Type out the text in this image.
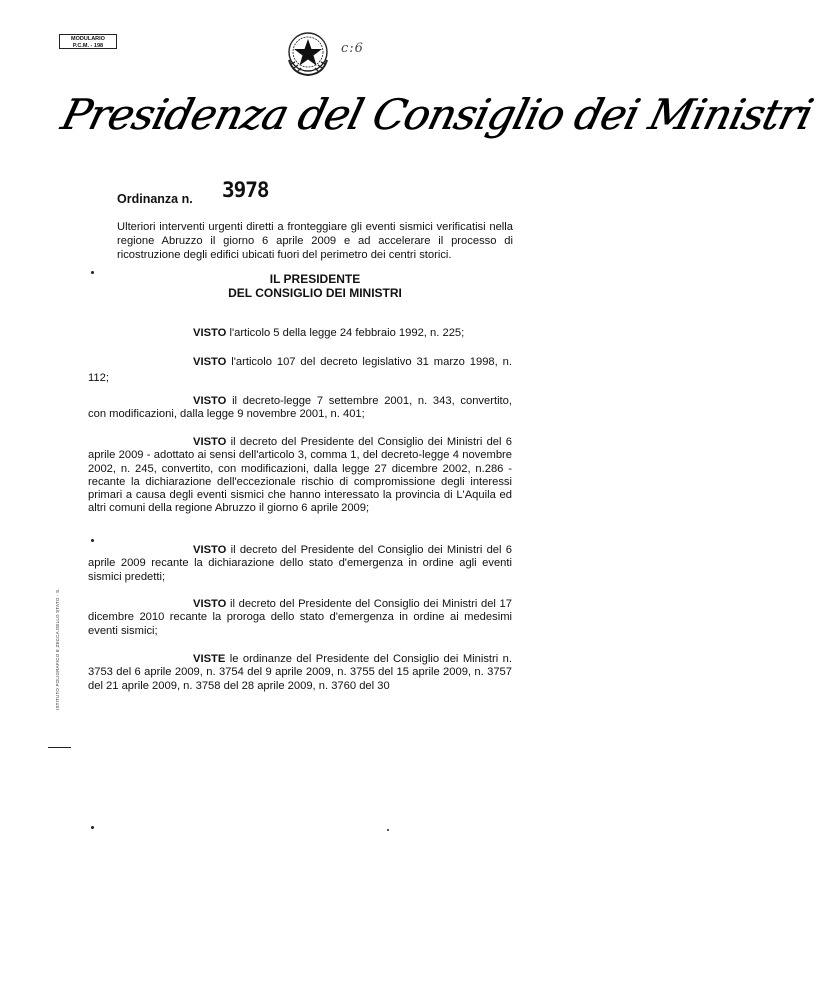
MODULARIO
P.C.M. - 198	c:6
Presidenza del Consiglio dei Ministri
Ordinanza n. 3978
Ulteriori interventi urgenti diretti a fronteggiare gli eventi sismici verificatisi nella regione Abruzzo il giorno 6 aprile 2009 e ad accelerare il processo di ricostruzione degli edifici ubicati fuori del perimetro dei centri storici.
IL PRESIDENTE
DEL CONSIGLIO DEI MINISTRI

VISTO l'articolo 5 della legge 24 febbraio 1992, n. 225;

VISTO l'articolo 107 del decreto legislativo 31 marzo 1998, n. 112;

VISTO il decreto-legge 7 settembre 2001, n. 343, convertito, con modificazioni, dalla legge 9 novembre 2001, n. 401;

VISTO il decreto del Presidente del Consiglio dei Ministri del 6 aprile 2009 - adottato ai sensi dell'articolo 3, comma 1, del decreto-legge 4 novembre 2002, n. 245, convertito, con modificazioni, dalla legge 27 dicembre 2002, n.286 - recante la dichiarazione dell'eccezionale rischio di compromissione degli interessi primari a causa degli eventi sismici che hanno interessato la provincia di L'Aquila ed altri comuni della regione Abruzzo il giorno 6 aprile 2009;

VISTO il decreto del Presidente del Consiglio dei Ministri del 6 aprile 2009 recante la dichiarazione dello stato d'emergenza in ordine agli eventi sismici predetti;

VISTO il decreto del Presidente del Consiglio dei Ministri del 17 dicembre 2010 recante la proroga dello stato d'emergenza in ordine ai medesimi eventi sismici;

VISTE le ordinanze del Presidente del Consiglio dei Ministri n. 3753 del 6 aprile 2009, n. 3754 del 9 aprile 2009, n. 3755 del 15 aprile 2009, n. 3757 del 21 aprile 2009, n. 3758 del 28 aprile 2009, n. 3760 del 30

ISTITUTO POLIGRAFICO E ZECCA DELLO STATO - S.
